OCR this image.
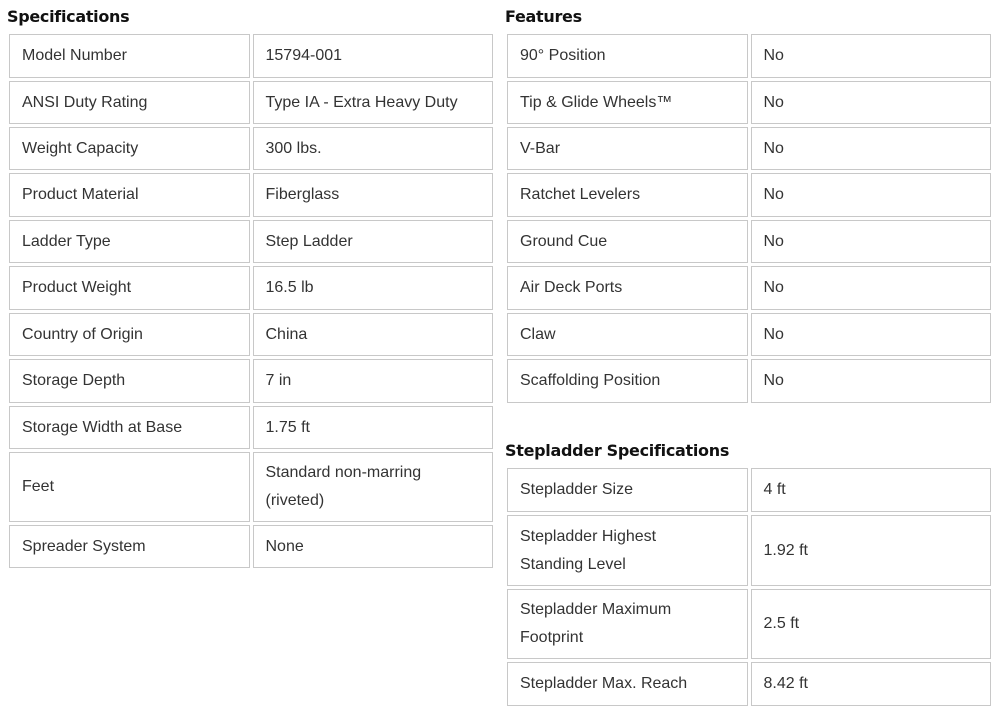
Specifications
Model Number	15794-001
ANSI Duty Rating	Type IA - Extra Heavy Duty
Weight Capacity	300 lbs.
Product Material	Fiberglass
Ladder Type	Step Ladder
Product Weight	16.5 lb
Country of Origin	China
Storage Depth	7 in
Storage Width at Base	1.75 ft
Feet	Standard non-marring (riveted)
Spreader System	None
Features
90° Position	No
Tip & Glide Wheels™	No
V-Bar	No
Ratchet Levelers	No
Ground Cue	No
Air Deck Ports	No
Claw	No
Scaffolding Position	No
Stepladder Specifications
Stepladder Size	4 ft
Stepladder Highest Standing Level	1.92 ft
Stepladder Maximum Footprint	2.5 ft
Stepladder Max. Reach	8.42 ft
